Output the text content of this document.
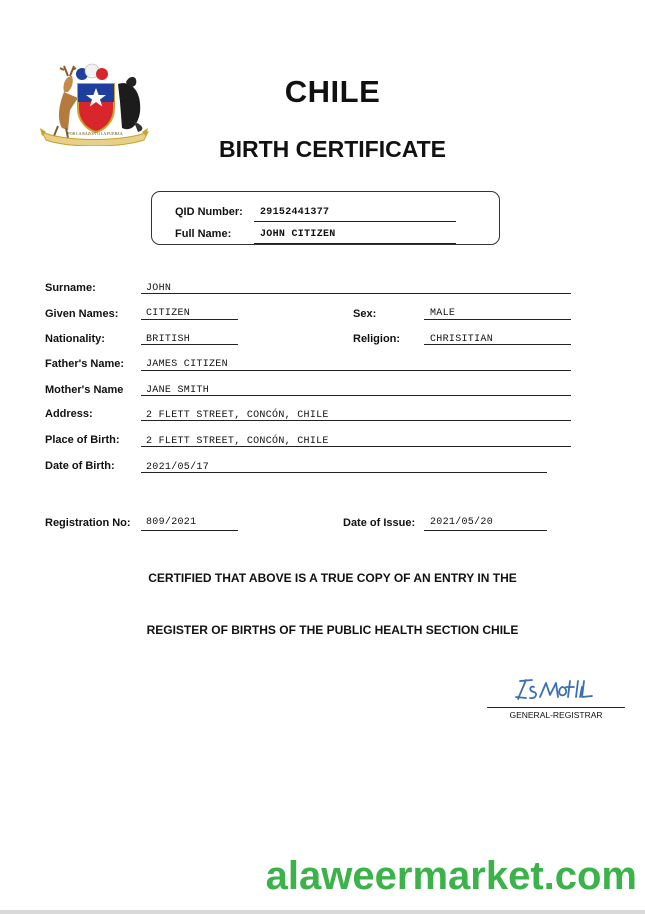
POR LA RAZON O LA FUERZA
CHILE
BIRTH CERTIFICATE
QID Number: 29152441377
Full Name:	JOHN CITIZEN
Surname:	JOHN
Given Names:	CITIZEN	Sex:	MALE
Nationality:	BRITISH	Religion:	CHRISITIAN
Father's Name: JAMES CITIZEN
Mother's Name JANE SMITH
Address:	2 FLETT STREET, CONCÓN, CHILE
Place of Birth:	2 FLETT STREET, CONCÓN, CHILE
Date of Birth:	2021/05/17
Registration No: 809/2021	Date of Issue: 2021/05/20
CERTIFIED THAT ABOVE IS A TRUE COPY OF AN ENTRY IN THE
REGISTER OF BIRTHS OF THE PUBLIC HEALTH SECTION CHILE
GENERAL-REGISTRAR
alaweermarket.com
